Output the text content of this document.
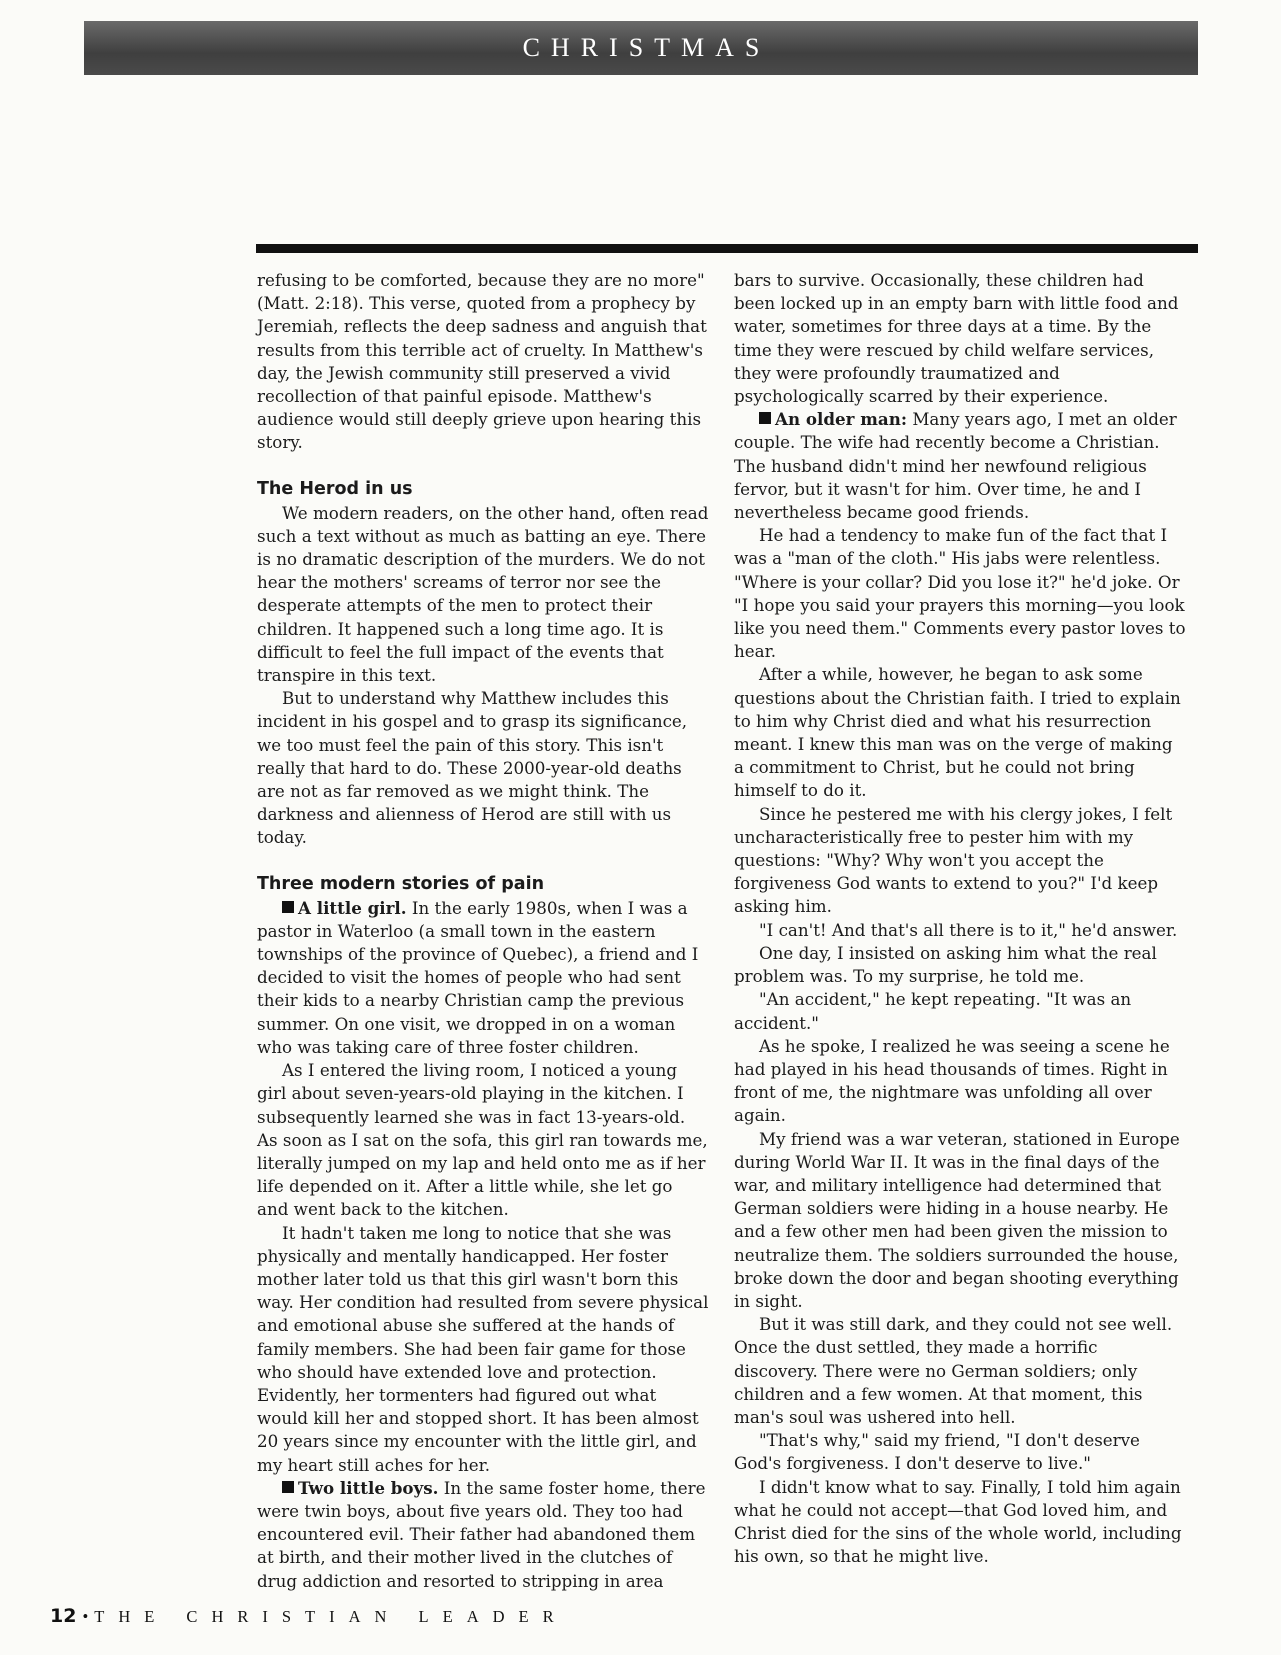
CHRISTMAS

refusing to be comforted, because they are no more" (Matt. 2:18). This verse, quoted from a prophecy by Jeremiah, reflects the deep sadness and anguish that results from this terrible act of cruelty. In Matthew's day, the Jewish community still preserved a vivid recollection of that painful episode. Matthew's audience would still deeply grieve upon hearing this story.

The Herod in us

We modern readers, on the other hand, often read such a text without as much as batting an eye. There is no dramatic description of the murders. We do not hear the mothers' screams of terror nor see the desperate attempts of the men to protect their children. It happened such a long time ago. It is difficult to feel the full impact of the events that transpire in this text.

But to understand why Matthew includes this incident in his gospel and to grasp its significance, we too must feel the pain of this story. This isn't really that hard to do. These 2000-year-old deaths are not as far removed as we might think. The darkness and alienness of Herod are still with us today.

Three modern stories of pain

A little girl. In the early 1980s, when I was a pastor in Waterloo (a small town in the eastern townships of the province of Quebec), a friend and I decided to visit the homes of people who had sent their kids to a nearby Christian camp the previous summer. On one visit, we dropped in on a woman who was taking care of three foster children.

As I entered the living room, I noticed a young girl about seven-years-old playing in the kitchen. I subsequently learned she was in fact 13-years-old. As soon as I sat on the sofa, this girl ran towards me, literally jumped on my lap and held onto me as if her life depended on it. After a little while, she let go and went back to the kitchen.

It hadn't taken me long to notice that she was physically and mentally handicapped. Her foster mother later told us that this girl wasn't born this way. Her condition had resulted from severe physical and emotional abuse she suffered at the hands of family members. She had been fair game for those who should have extended love and protection. Evidently, her tormenters had figured out what would kill her and stopped short. It has been almost 20 years since my encounter with the little girl, and my heart still aches for her.

Two little boys. In the same foster home, there were twin boys, about five years old. They too had encountered evil. Their father had abandoned them at birth, and their mother lived in the clutches of drug addiction and resorted to stripping in area

bars to survive. Occasionally, these children had been locked up in an empty barn with little food and water, sometimes for three days at a time. By the time they were rescued by child welfare services, they were profoundly traumatized and psychologically scarred by their experience.

An older man: Many years ago, I met an older couple. The wife had recently become a Christian. The husband didn't mind her newfound religious fervor, but it wasn't for him. Over time, he and I nevertheless became good friends.

He had a tendency to make fun of the fact that I was a "man of the cloth." His jabs were relentless. "Where is your collar? Did you lose it?" he'd joke. Or "I hope you said your prayers this morning—you look like you need them." Comments every pastor loves to hear.

After a while, however, he began to ask some questions about the Christian faith. I tried to explain to him why Christ died and what his resurrection meant. I knew this man was on the verge of making a commitment to Christ, but he could not bring himself to do it.

Since he pestered me with his clergy jokes, I felt uncharacteristically free to pester him with my questions: "Why? Why won't you accept the forgiveness God wants to extend to you?" I'd keep asking him.

"I can't! And that's all there is to it," he'd answer.

One day, I insisted on asking him what the real problem was. To my surprise, he told me.

"An accident," he kept repeating. "It was an accident."

As he spoke, I realized he was seeing a scene he had played in his head thousands of times. Right in front of me, the nightmare was unfolding all over again.

My friend was a war veteran, stationed in Europe during World War II. It was in the final days of the war, and military intelligence had determined that German soldiers were hiding in a house nearby. He and a few other men had been given the mission to neutralize them. The soldiers surrounded the house, broke down the door and began shooting everything in sight.

But it was still dark, and they could not see well. Once the dust settled, they made a horrific discovery. There were no German soldiers; only children and a few women. At that moment, this man's soul was ushered into hell.

"That's why," said my friend, "I don't deserve God's forgiveness. I don't deserve to live."

I didn't know what to say. Finally, I told him again what he could not accept—that God loved him, and Christ died for the sins of the whole world, including his own, so that he might live.

12 • THE CHRISTIAN LEADER
